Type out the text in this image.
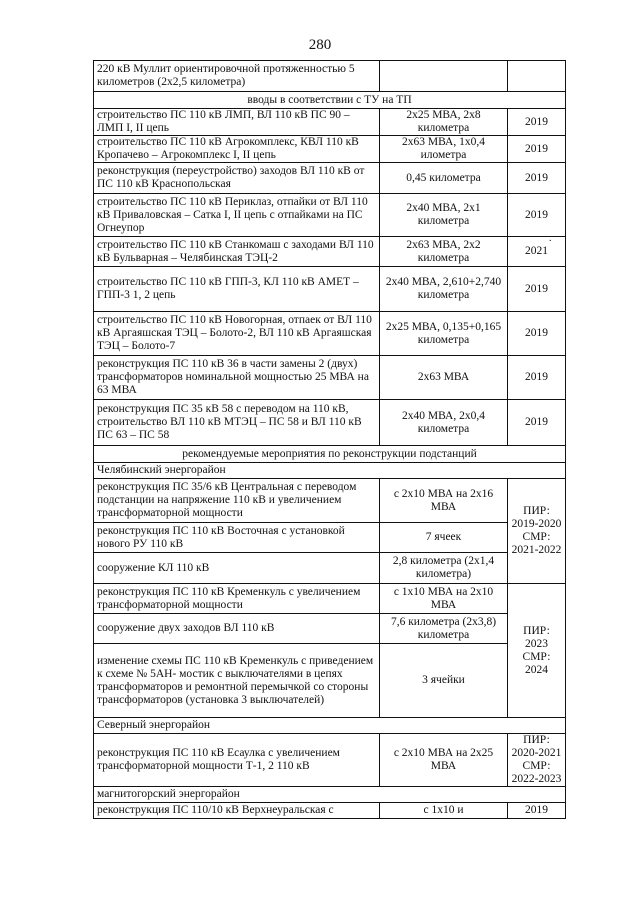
280
220 кВ Муллит ориентировочной протяженностью 5 километров (2х2,5 километра)		
вводы в соответствии с ТУ на ТП		
строительство ПС 110 кВ ЛМП, ВЛ 110 кВ ПС 90 – ЛМП I, II цепь	2х25 МВА, 2х8 километра	2019
строительство ПС 110 кВ Агрокомплекс, КВЛ 110 кВ Кропачево – Агрокомплекс I, II цепь	2х63 МВА, 1х0,4 илометра	2019
реконструкция (переустройство) заходов ВЛ 110 кВ от ПС 110 кВ Краснопольская	0,45 километра	2019
строительство ПС 110 кВ Периклаз, отпайки от ВЛ 110 кВ Приваловская – Сатка I, II цепь с отпайками на ПС Огнеупор	2х40 МВА, 2х1 километра	2019
строительство ПС 110 кВ Станкомаш с заходами ВЛ 110 кВ Бульварная – Челябинская ТЭЦ-2	2х63 МВА, 2х2 километра	2021
строительство ПС 110 кВ ГПП-3, КЛ 110 кВ АМЕТ – ГПП-3 1, 2 цепь	2х40 МВА, 2,610+2,740 километра	2019
строительство ПС 110 кВ Новогорная, отпаек от ВЛ 110 кВ Аргаяшская ТЭЦ – Болото-2, ВЛ 110 кВ Аргаяшская ТЭЦ – Болото-7	2х25 МВА, 0,135+0,165 километра	2019
реконструкция ПС 110 кВ 36 в части замены 2 (двух) трансформаторов номинальной мощностью 25 МВА на 63 МВА	2х63 МВА	2019
реконструкция ПС 35 кВ 58 с переводом на 110 кВ, строительство ВЛ 110 кВ МТЭЦ – ПС 58 и ВЛ 110 кВ ПС 63 – ПС 58	2х40 МВА, 2х0,4 километра	2019
рекомендуемые мероприятия по реконструкции подстанций		
Челябинский энергорайон		
реконструкция ПС 35/6 кВ Центральная с переводом подстанции на напряжение 110 кВ и увеличением трансформаторной мощности	с 2х10 МВА на 2х16 МВА	ПИР: 2019-2020 СМР: 2021-2022
реконструкция ПС 110 кВ Восточная с установкой нового РУ 110 кВ	7 ячеек	
сооружение КЛ 110 кВ	2,8 километра (2х1,4 километра)	
реконструкция ПС 110 кВ Кременкуль с увеличением трансформаторной мощности	с 1х10 МВА на 2х10 МВА	ПИР: 2023 СМР: 2024
сооружение двух заходов ВЛ 110 кВ	7,6 километра (2х3,8) километра	
изменение схемы ПС 110 кВ Кременкуль с приведением к схеме № 5АН- мостик с выключателями в цепях трансформаторов и ремонтной перемычкой со стороны трансформаторов (установка 3 выключателей)	3 ячейки	
Северный энергорайон		
реконструкция ПС 110 кВ Есаулка с увеличением трансформаторной мощности Т-1, 2 110 кВ	с 2х10 МВА на 2х25 МВА	ПИР: 2020-2021 СМР: 2022-2023
магнитогорский энергорайон		
реконструкция ПС 110/10 кВ Верхнеуральская с	с 1х10 и	2019
.
